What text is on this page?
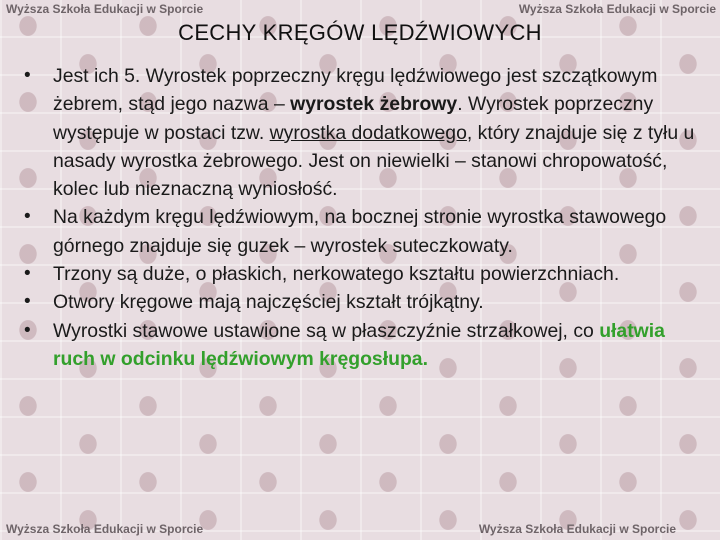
Wyższa Szkoła Edukacji w Sporcie	Wyższa Szkoła Edukacji w Sporcie
Wyższa Szkoła Edukacji w Sporcie	Wyższa Szkoła Edukacji w Sporcie
CECHY KRĘGÓW LĘDŹWIOWYCH
• Jest ich 5. Wyrostek poprzeczny kręgu lędźwiowego jest szczątkowym żebrem, stąd jego nazwa – wyrostek żebrowy. Wyrostek poprzeczny występuje w postaci tzw. wyrostka dodatkowego, który znajduje się z tyłu u nasady wyrostka żebrowego. Jest on niewielki – stanowi chropowatość, kolec lub nieznaczną wyniosłość.
• Na każdym kręgu lędźwiowym, na bocznej stronie wyrostka stawowego górnego znajduje się guzek – wyrostek suteczkowaty.
• Trzony są duże, o płaskich, nerkowatego kształtu powierzchniach.
• Otwory kręgowe mają najczęściej kształt trójkątny.
• Wyrostki stawowe ustawione są w płaszczyźnie strzałkowej, co ułatwia ruch w odcinku lędźwiowym kręgosłupa.
